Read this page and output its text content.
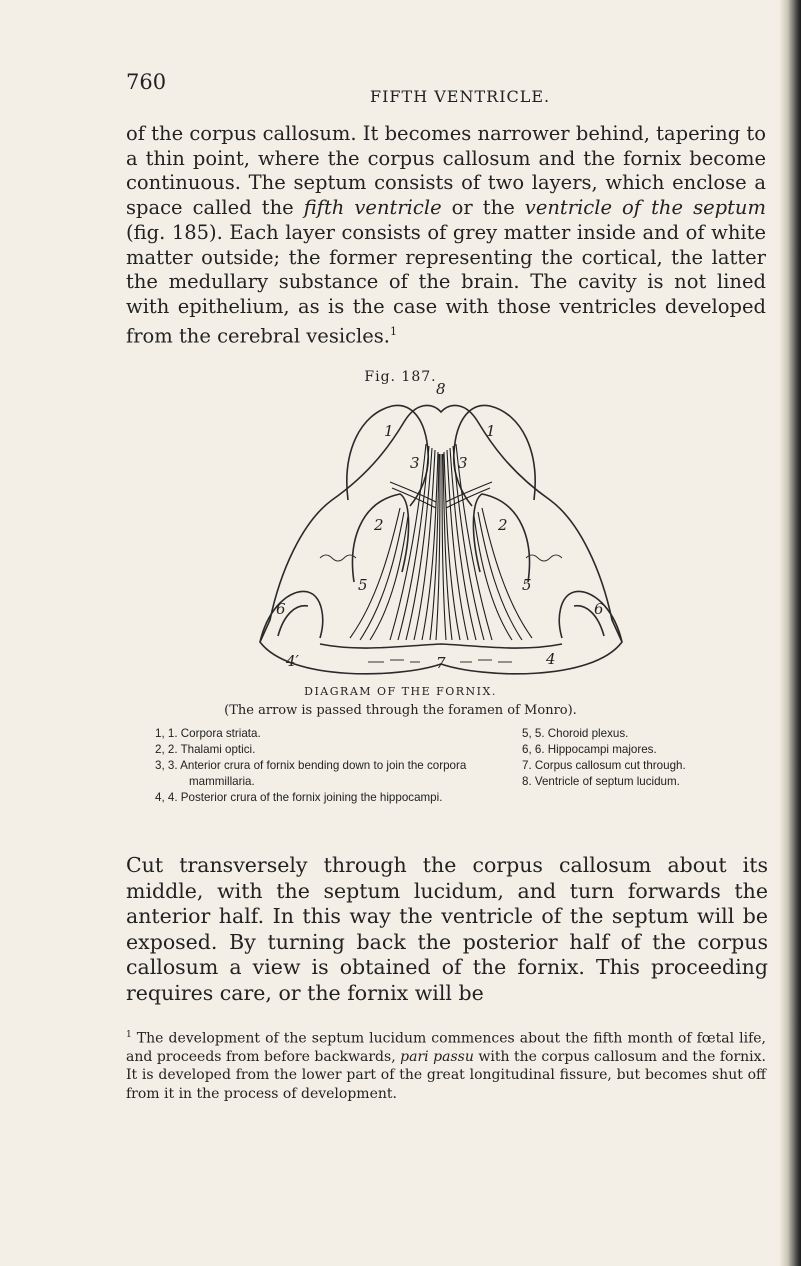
760
FIFTH VENTRICLE.

of the corpus callosum. It becomes narrower behind, tapering to a thin point, where the corpus callosum and the fornix become continuous. The septum consists of two layers, which enclose a space called the fifth ventricle or the ventricle of the septum (fig. 185). Each layer consists of grey matter inside and of white matter outside; the former representing the cortical, the latter the medullary substance of the brain. The cavity is not lined with epithelium, as is the case with those ventricles developed from the cerebral vesicles.$^1$

Fig. 187.
8
1	1
3	3
2	2
5	5
6	6
4′	4
7
DIAGRAM OF THE FORNIX.
(The arrow is passed through the foramen of Monro).
1, 1. Corpora striata.
2, 2. Thalami optici.
3, 3. Anterior crura of fornix bending down to join the corpora mammillaria.
4, 4. Posterior crura of the fornix joining the hippocampi.
5, 5. Choroid plexus.
6, 6. Hippocampi majores.
7. Corpus callosum cut through.
8. Ventricle of septum lucidum.

Cut transversely through the corpus callosum about its middle, with the septum lucidum, and turn forwards the anterior half. In this way the ventricle of the septum will be exposed. By turning back the posterior half of the corpus callosum a view is obtained of the fornix. This proceeding requires care, or the fornix will be

$^1$ The development of the septum lucidum commences about the fifth month of fœtal life, and proceeds from before backwards, pari passu with the corpus callosum and the fornix. It is developed from the lower part of the great longitudinal fissure, but becomes shut off from it in the process of development.
